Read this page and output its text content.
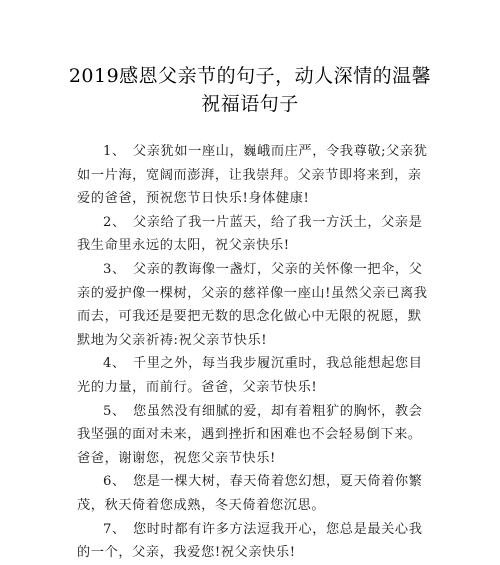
2019感恩父亲节的句子，动人深情的温馨
祝福语句子
1、　父亲犹如一座山，巍峨而庄严，令我尊敬;父亲犹
如一片海，宽阔而澎湃，让我崇拜。父亲节即将来到，亲
爱的爸爸，预祝您节日快乐!身体健康!
2、　父亲给了我一片蓝天，给了我一方沃土，父亲是
我生命里永远的太阳，祝父亲快乐!
3、　父亲的教诲像一盏灯，父亲的关怀像一把伞，父
亲的爱护像一棵树，父亲的慈祥像一座山!虽然父亲已离我
而去，可我还是要把无数的思念化做心中无限的祝愿，默
默地为父亲祈祷:祝父亲节快乐!
4、　千里之外，每当我步履沉重时，我总能想起您目
光的力量，而前行。爸爸，父亲节快乐!
5、　您虽然没有细腻的爱，却有着粗犷的胸怀，教会
我坚强的面对未来，遇到挫折和困难也不会轻易倒下来。
爸爸，谢谢您，祝您父亲节快乐!
6、　您是一棵大树，春天倚着您幻想，夏天倚着你繁
茂，秋天倚着您成熟，冬天倚着您沉思。
7、　您时时都有许多方法逗我开心，您总是最关心我
的一个，父亲，我爱您!祝父亲快乐!
